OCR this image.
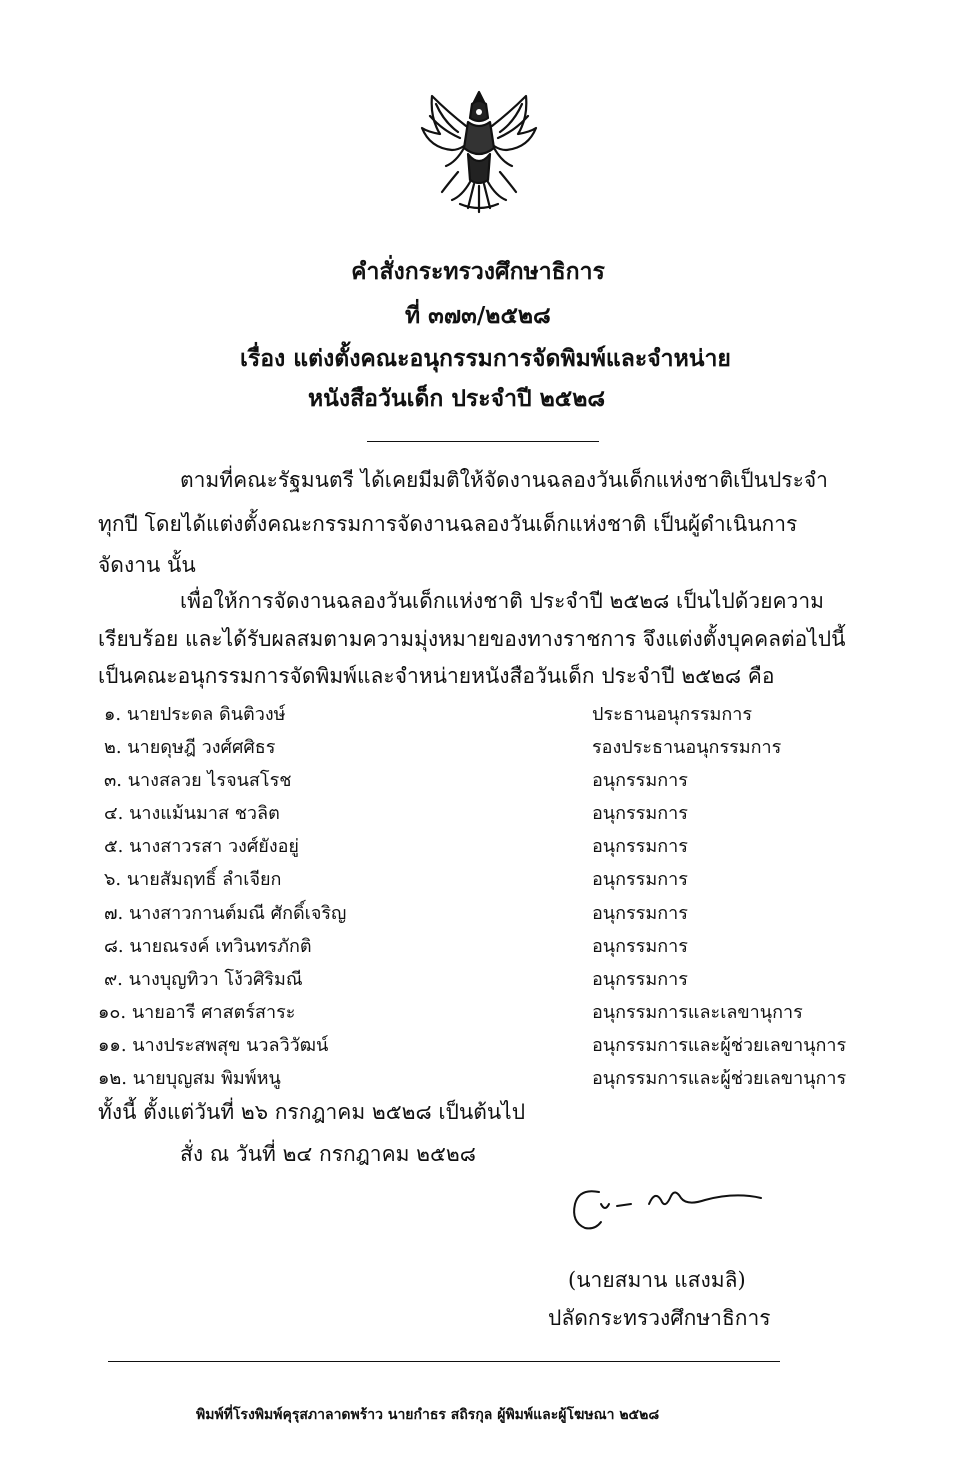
คำสั่งกระทรวงศึกษาธิการ
ที่ ๓๗๓/๒๕๒๘
เรื่อง แต่งตั้งคณะอนุกรรมการจัดพิมพ์และจำหน่าย
หนังสือวันเด็ก ประจำปี ๒๕๒๘
ตามที่คณะรัฐมนตรี ได้เคยมีมติให้จัดงานฉลองวันเด็กแห่งชาติเป็นประจำ
ทุกปี โดยได้แต่งตั้งคณะกรรมการจัดงานฉลองวันเด็กแห่งชาติ เป็นผู้ดำเนินการ
จัดงาน นั้น
เพื่อให้การจัดงานฉลองวันเด็กแห่งชาติ ประจำปี ๒๕๒๘ เป็นไปด้วยความ
เรียบร้อย และได้รับผลสมตามความมุ่งหมายของทางราชการ จึงแต่งตั้งบุคคลต่อไปนี้
เป็นคณะอนุกรรมการจัดพิมพ์และจำหน่ายหนังสือวันเด็ก ประจำปี ๒๕๒๘ คือ
๑. นายประดล ดินติวงษ์	ประธานอนุกรรมการ
๒. นายดุษฎี วงศ์ศศิธร	รองประธานอนุกรรมการ
๓. นางสลวย ไรจนสโรช	อนุกรรมการ
๔. นางแม้นมาส ชวลิต	อนุกรรมการ
๕. นางสาวรสา วงศ์ยังอยู่	อนุกรรมการ
๖. นายสัมฤทธิ์ ลำเจียก	อนุกรรมการ
๗. นางสาวกานต์มณี ศักดิ์เจริญ	อนุกรรมการ
๘. นายณรงค์ เทวินทรภักติ	อนุกรรมการ
๙. นางบุญทิวา โง้วศิริมณี	อนุกรรมการ
๑๐. นายอารี ศาสตร์สาระ	อนุกรรมการและเลขานุการ
๑๑. นางประสพสุข นวลวิวัฒน์	อนุกรรมการและผู้ช่วยเลขานุการ
๑๒. นายบุญสม พิมพ์หนู	อนุกรรมการและผู้ช่วยเลขานุการ
ทั้งนี้ ตั้งแต่วันที่ ๒๖ กรกฎาคม ๒๕๒๘ เป็นต้นไป
สั่ง ณ วันที่ ๒๔ กรกฎาคม ๒๕๒๘
(นายสมาน แสงมลิ)
ปลัดกระทรวงศึกษาธิการ
พิมพ์ที่โรงพิมพ์คุรุสภาลาดพร้าว นายกำธร สถิรกุล ผู้พิมพ์และผู้โฆษณา ๒๕๒๘
